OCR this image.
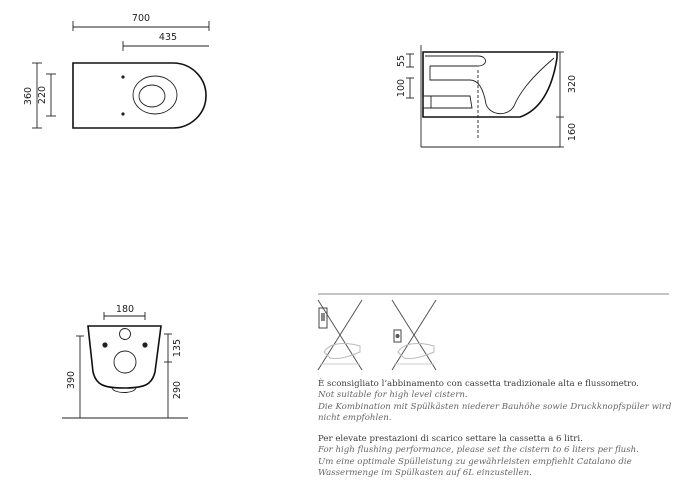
700
435
360 220
55
100	320
160
180
390
135
290	È sconsigliato l’abbinamento con cassetta tradizionale alta e flussometro.

Not suitable for high level cistern.

Die Kombination mit Spülkästen niederer Bauhöhe sowie Druckknopfspüler wird

nicht empfohlen.

Per elevate prestazioni di scarico settare la cassetta a 6 litri.

For high flushing performance, please set the cistern to 6 liters per flush.

Um eine optimale Spülleistung zu gewährleisten empfiehlt Catalano die

Wassermenge im Spülkasten auf 6L einzustellen.
